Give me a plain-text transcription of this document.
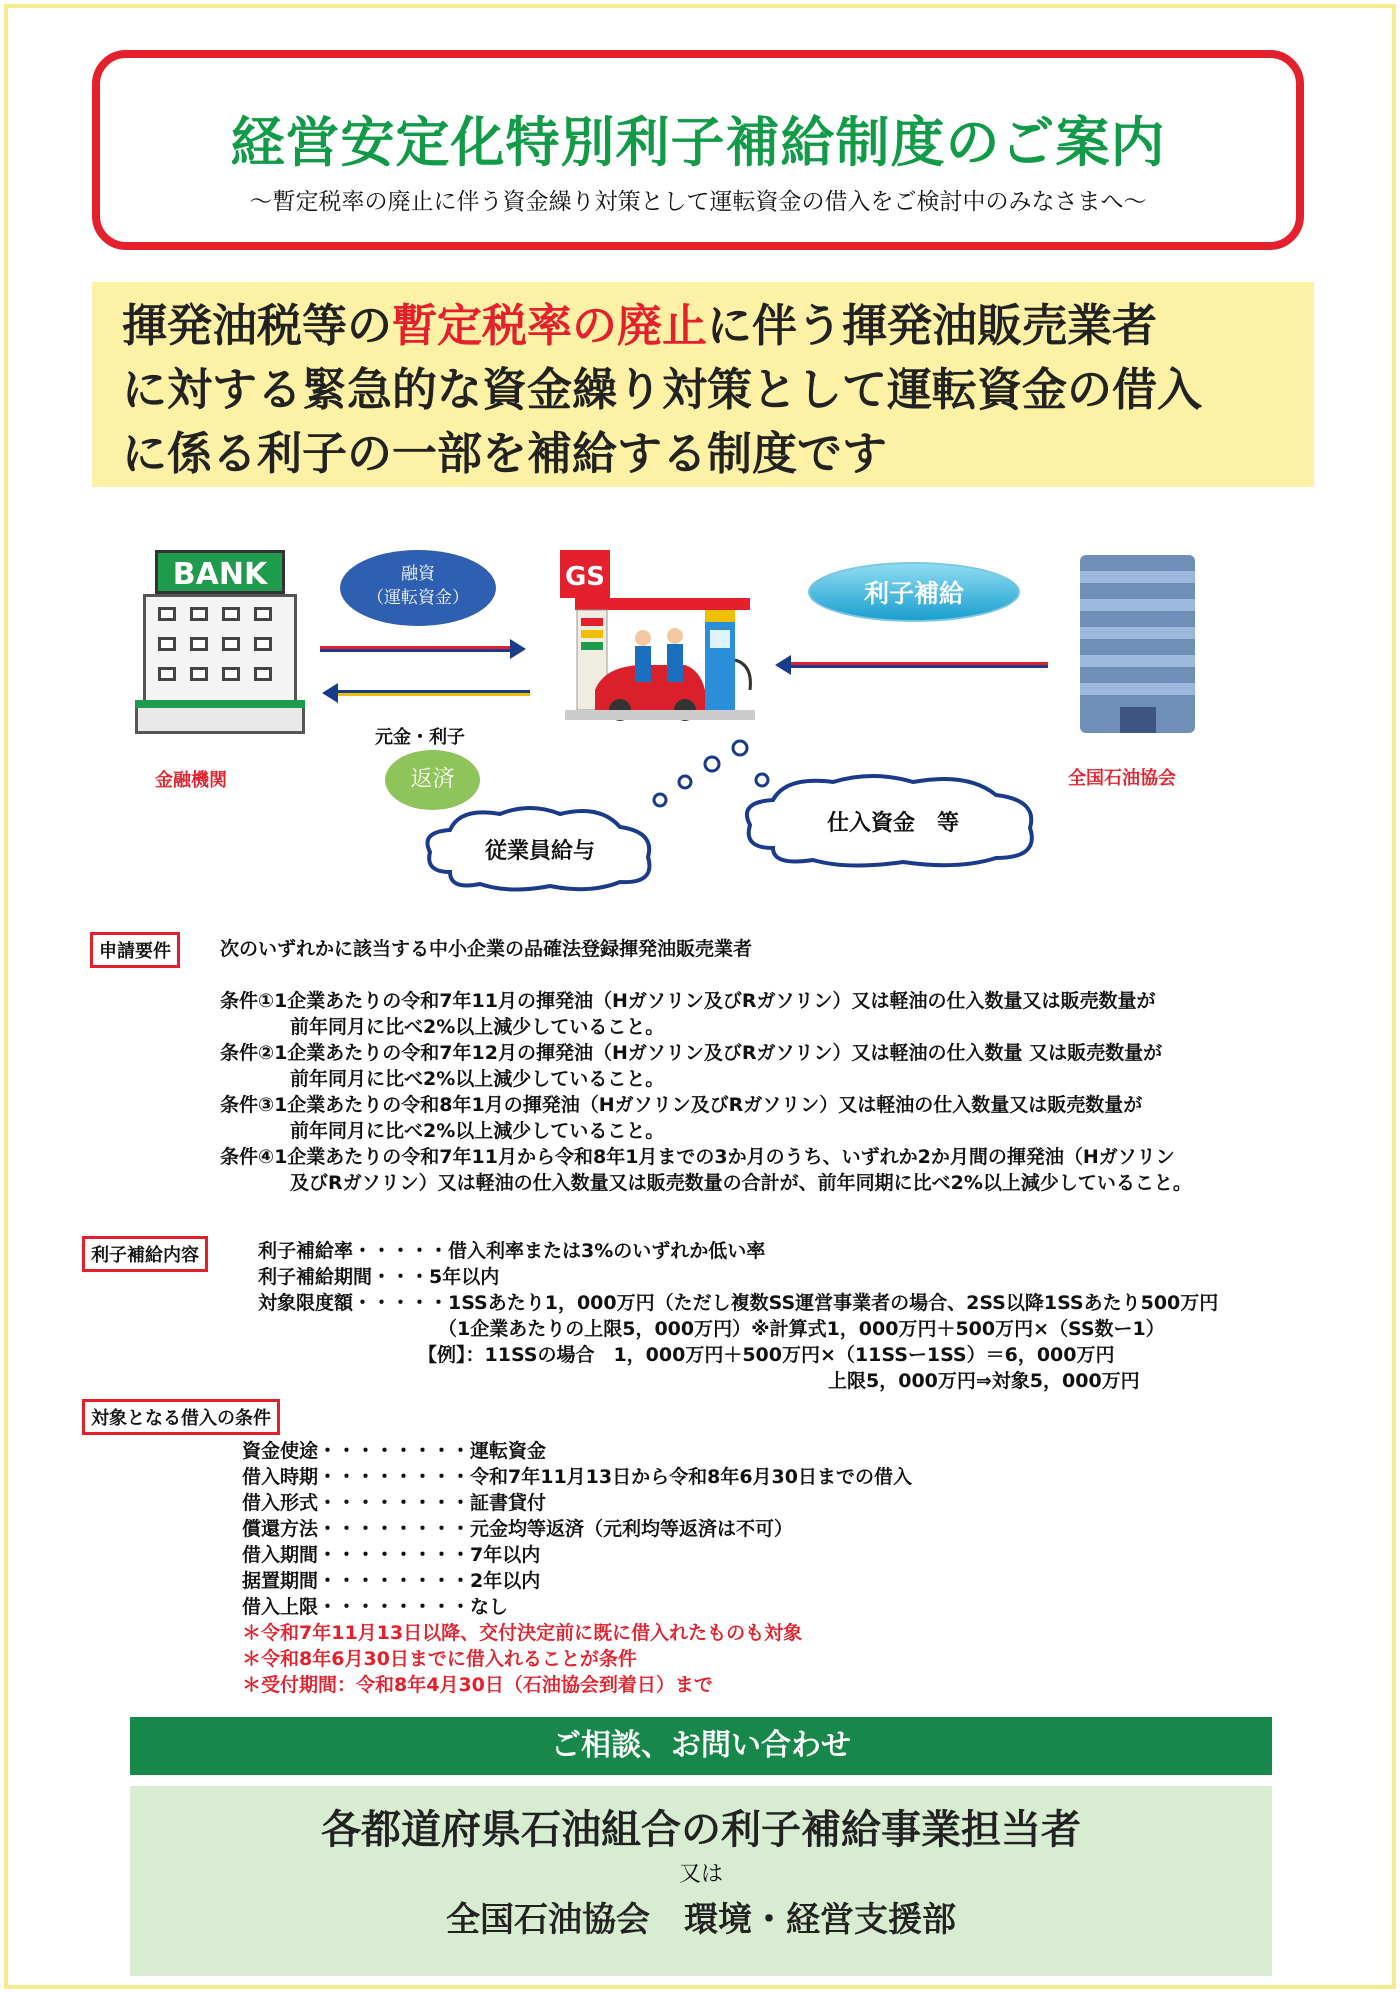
経営安定化特別利子補給制度のご案内
～暫定税率の廃止に伴う資金繰り対策として運転資金の借入をご検討中のみなさまへ～
揮発油税等の暫定税率の廃止に伴う揮発油販売業者
に対する緊急的な資金繰り対策として運転資金の借入
に係る利子の一部を補給する制度です
BANK	融資
（運転資金）
元金・利子
返済
GS
利子補給
金融機関	全国石油協会
従業員給与
仕入資金　等
申請要件	次のいずれかに該当する中小企業の品確法登録揮発油販売業者
条件①1企業あたりの令和7年11月の揮発油（Hガソリン及びRガソリン）又は軽油の仕入数量又は販売数量が
前年同月に比べ2%以上減少していること。
条件②1企業あたりの令和7年12月の揮発油（Hガソリン及びRガソリン）又は軽油の仕入数量 又は販売数量が
前年同月に比べ2%以上減少していること。
条件③1企業あたりの令和8年1月の揮発油（Hガソリン及びRガソリン）又は軽油の仕入数量又は販売数量が
前年同月に比べ2%以上減少していること。
条件④1企業あたりの令和7年11月から令和8年1月までの3か月のうち、いずれか2か月間の揮発油（Hガソリン
及びRガソリン）又は軽油の仕入数量又は販売数量の合計が、前年同期に比べ2%以上減少していること。
利子補給内容	利子補給率・・・・・借入利率または3%のいずれか低い率
利子補給期間・・・5年以内
対象限度額・・・・・1SSあたり1，000万円（ただし複数SS運営事業者の場合、2SS以降1SSあたり500万円
（1企業あたりの上限5，000万円）※計算式1，000万円＋500万円×（SS数ー1）
【例】：11SSの場合　1，000万円＋500万円×（11SSー1SS）＝6，000万円
上限5，000万円⇒対象5，000万円
対象となる借入の条件
資金使途・・・・・・・・運転資金
借入時期・・・・・・・・令和7年11月13日から令和8年6月30日までの借入
借入形式・・・・・・・・証書貸付
償還方法・・・・・・・・元金均等返済（元利均等返済は不可）
借入期間・・・・・・・・7年以内
据置期間・・・・・・・・2年以内
借入上限・・・・・・・・なし
＊令和7年11月13日以降、交付決定前に既に借入れたものも対象
＊令和8年6月30日までに借入れることが条件
＊受付期間：令和8年4月30日（石油協会到着日）まで
ご相談、お問い合わせ
各都道府県石油組合の利子補給事業担当者
又は
全国石油協会　環境・経営支援部
